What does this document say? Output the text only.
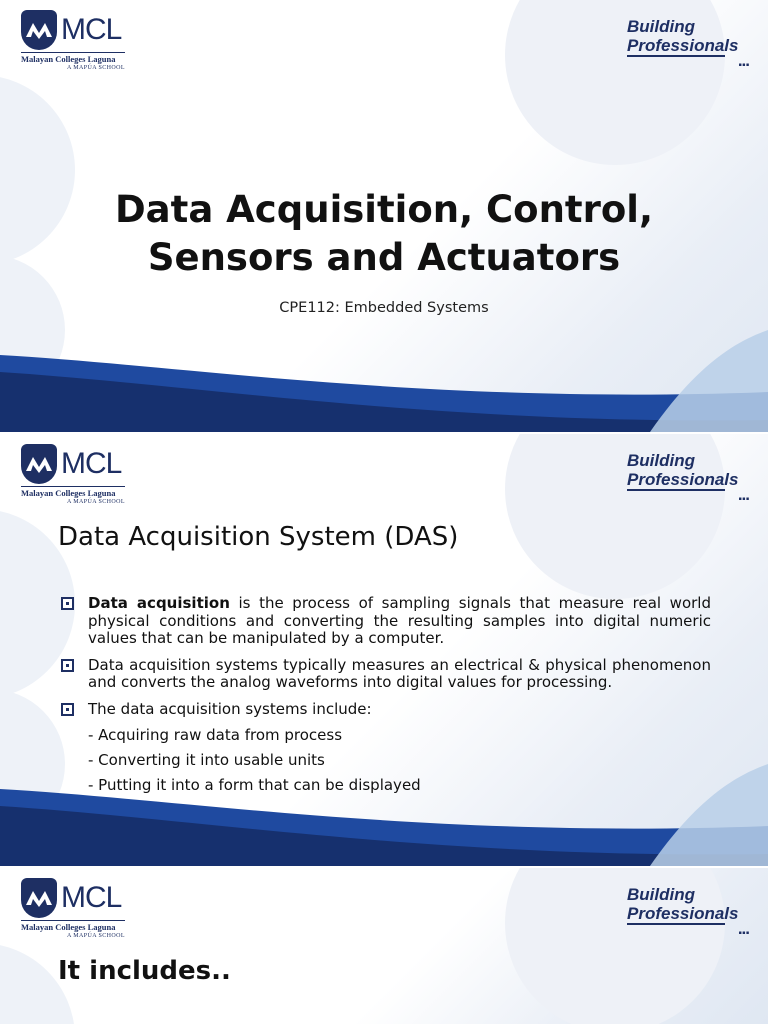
MCL
Malayan Colleges Laguna
A MAPÚA SCHOOL
Building
Professionals
...
Data Acquisition, Control,
Sensors and Actuators
CPE112: Embedded Systems
MCL
Malayan Colleges Laguna
A MAPÚA SCHOOL
Building
Professionals
...
Data Acquisition System (DAS)
Data acquisition is the process of sampling signals that measure real world physical conditions and converting the resulting samples into digital numeric values that can be manipulated by a computer.
Data acquisition systems typically measures an electrical & physical phenomenon and converts the analog waveforms into digital values for processing.
The data acquisition systems include:
- Acquiring raw data from process
- Converting it into usable units
- Putting it into a form that can be displayed
MCL
Malayan Colleges Laguna
A MAPÚA SCHOOL
Building
Professionals
...
It includes..
